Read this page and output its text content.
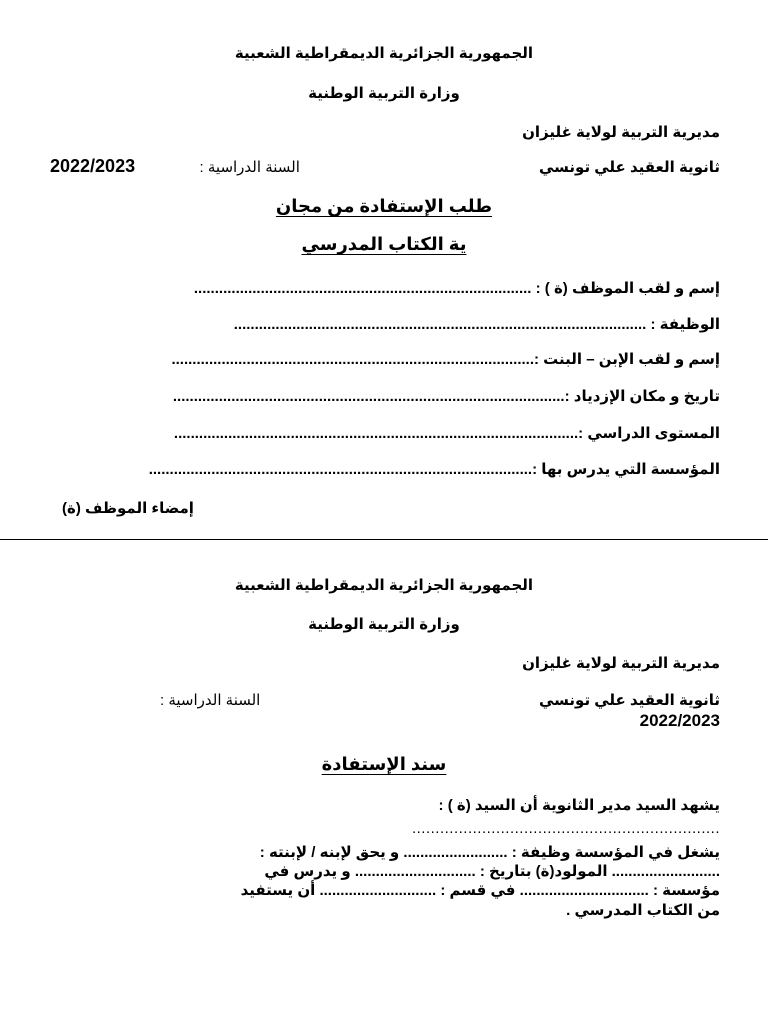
الجمهورية الجزائرية الديمقراطية الشعبية
وزارة التربية الوطنية
مديرية التربية لولاية غليزان
ثانوية العقيد علي تونسي
السنة الدراسية : 2022/2023
طلب الإستفادة من مجان
ية الكتاب المدرسي
إسم و لقب الموظف (ة ) : .................................................................................
الوظيفة : ...................................................................................................
إسم و لقب الإبن – البنت :.......................................................................................
تاريخ و مكان الإزدياد :..............................................................................................
المستوى الدراسي :.................................................................................................
المؤسسة التي يدرس بها :............................................................................................
إمضاء الموظف (ة)
الجمهورية الجزائرية الديمقراطية الشعبية
وزارة التربية الوطنية
مديرية التربية لولاية غليزان
ثانوية العقيد علي تونسي
السنة الدراسية :
2022/2023
سند الإستفادة
يشهد السيد مدير الثانوية أن السيد (ة ) :
..................................................................
يشغل في المؤسسة وظيفة : ......................... و يحق لإبنه / لإبنته :
.......................... المولود(ة) بتاريخ : ............................. و يدرس في
مؤسسة : ............................... في قسم : ............................ أن يستفيد
من الكتاب المدرسي .
